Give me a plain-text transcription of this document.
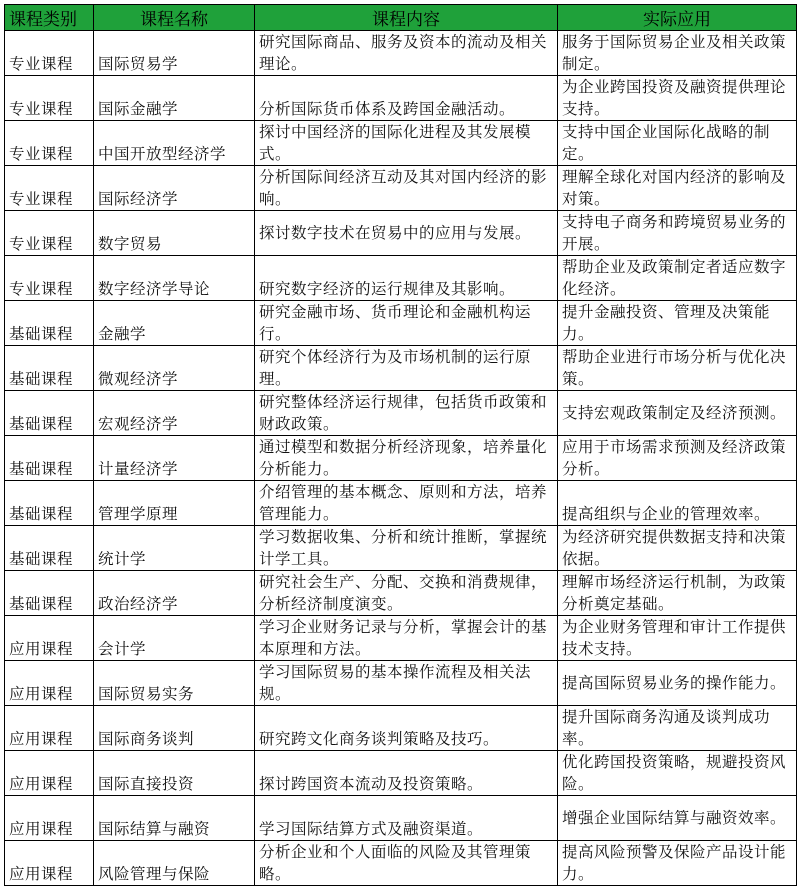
课程类别	课程名称	课程内容	实际应用
专业课程	国际贸易学	研究国际商品、服务及资本的流动及相关理论。	服务于国际贸易企业及相关政策制定。
专业课程	国际金融学	分析国际货币体系及跨国金融活动。	为企业跨国投资及融资提供理论支持。
专业课程	中国开放型经济学	探讨中国经济的国际化进程及其发展模式。	支持中国企业国际化战略的制定。
专业课程	国际经济学	分析国际间经济互动及其对国内经济的影响。	理解全球化对国内经济的影响及对策。
专业课程	数字贸易	探讨数字技术在贸易中的应用与发展。	支持电子商务和跨境贸易业务的开展。
专业课程	数字经济学导论	研究数字经济的运行规律及其影响。	帮助企业及政策制定者适应数字化经济。
基础课程	金融学	研究金融市场、货币理论和金融机构运行。	提升金融投资、管理及决策能力。
基础课程	微观经济学	研究个体经济行为及市场机制的运行原理。	帮助企业进行市场分析与优化决策。
基础课程	宏观经济学	研究整体经济运行规律，包括货币政策和财政政策。	支持宏观政策制定及经济预测。
基础课程	计量经济学	通过模型和数据分析经济现象，培养量化分析能力。	应用于市场需求预测及经济政策分析。
基础课程	管理学原理	介绍管理的基本概念、原则和方法，培养管理能力。	提高组织与企业的管理效率。
基础课程	统计学	学习数据收集、分析和统计推断，掌握统计学工具。	为经济研究提供数据支持和决策依据。
基础课程	政治经济学	研究社会生产、分配、交换和消费规律，分析经济制度演变。	理解市场经济运行机制，为政策分析奠定基础。
应用课程	会计学	学习企业财务记录与分析，掌握会计的基本原理和方法。	为企业财务管理和审计工作提供技术支持。
应用课程	国际贸易实务	学习国际贸易的基本操作流程及相关法规。	提高国际贸易业务的操作能力。
应用课程	国际商务谈判	研究跨文化商务谈判策略及技巧。	提升国际商务沟通及谈判成功率。
应用课程	国际直接投资	探讨跨国资本流动及投资策略。	优化跨国投资策略，规避投资风险。
应用课程	国际结算与融资	学习国际结算方式及融资渠道。	增强企业国际结算与融资效率。
应用课程	风险管理与保险	分析企业和个人面临的风险及其管理策略。	提高风险预警及保险产品设计能力。
